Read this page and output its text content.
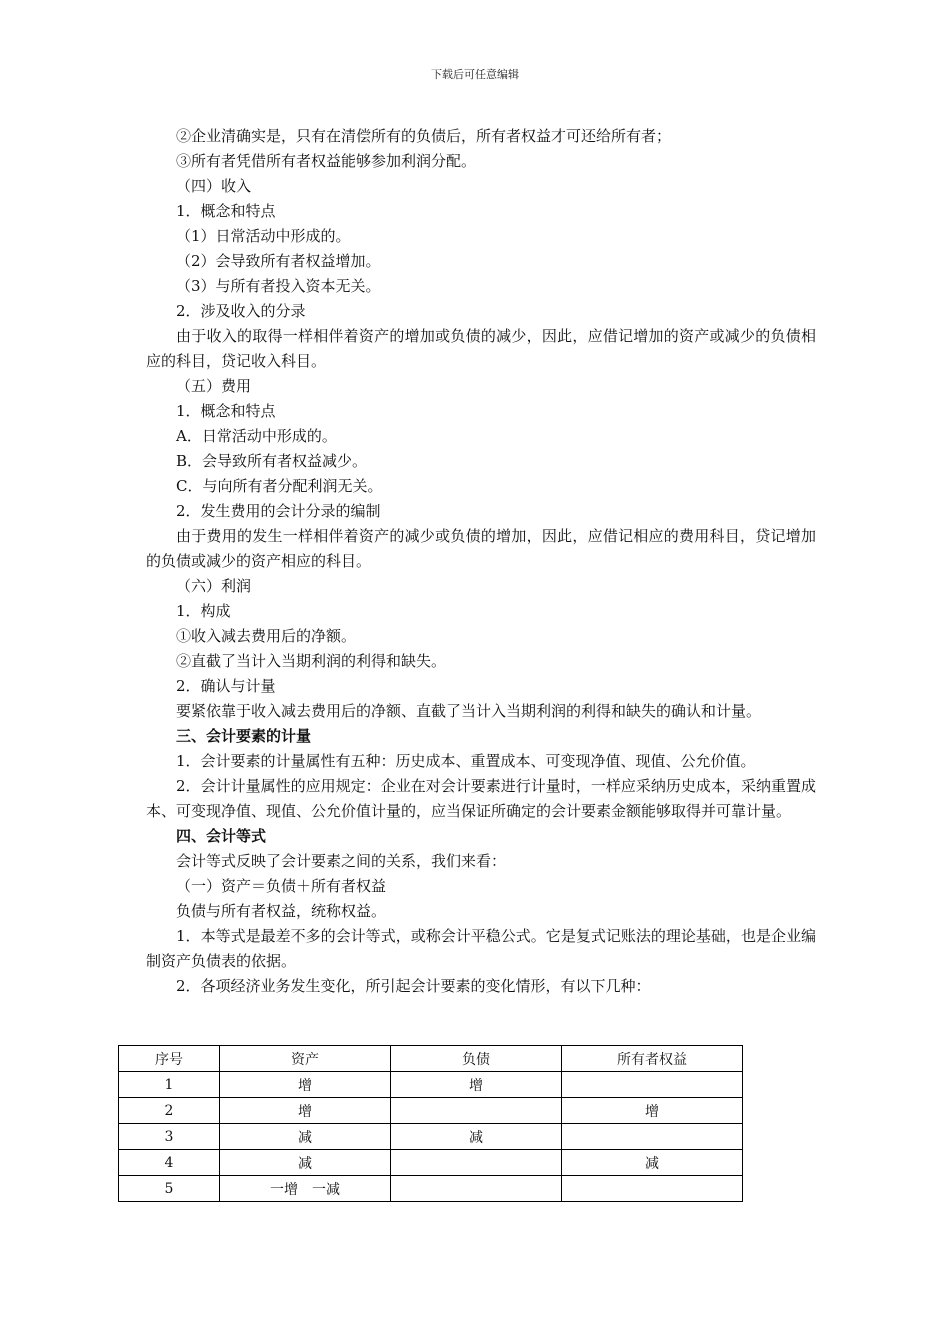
下载后可任意编辑
②企业清确实是，只有在清偿所有的负债后，所有者权益才可还给所有者；
③所有者凭借所有者权益能够参加利润分配。
（四）收入
1．概念和特点
（1）日常活动中形成的。
（2）会导致所有者权益增加。
（3）与所有者投入资本无关。
2．涉及收入的分录
由于收入的取得一样相伴着资产的增加或负债的减少，因此，应借记增加的资产或减少的负债相应的科目，贷记收入科目。
（五）费用
1．概念和特点
A．日常活动中形成的。
B．会导致所有者权益减少。
C．与向所有者分配利润无关。
2．发生费用的会计分录的编制
由于费用的发生一样相伴着资产的减少或负债的增加，因此，应借记相应的费用科目，贷记增加的负债或减少的资产相应的科目。
（六）利润
1．构成
①收入减去费用后的净额。
②直截了当计入当期利润的利得和缺失。
2．确认与计量
要紧依靠于收入减去费用后的净额、直截了当计入当期利润的利得和缺失的确认和计量。
三、会计要素的计量
1．会计要素的计量属性有五种：历史成本、重置成本、可变现净值、现值、公允价值。
2．会计计量属性的应用规定：企业在对会计要素进行计量时，一样应采纳历史成本，采纳重置成本、可变现净值、现值、公允价值计量的，应当保证所确定的会计要素金额能够取得并可靠计量。
四、会计等式
会计等式反映了会计要素之间的关系，我们来看：
（一）资产＝负债＋所有者权益
负债与所有者权益，统称权益。
1．本等式是最差不多的会计等式，或称会计平稳公式。它是复式记账法的理论基础，也是企业编制资产负债表的依据。
2．各项经济业务发生变化，所引起会计要素的变化情形，有以下几种：
序号	资产	负债	所有者权益
1	增	增	
2	增		增
3	减	减	
4	减		减
5	一增　一减		
